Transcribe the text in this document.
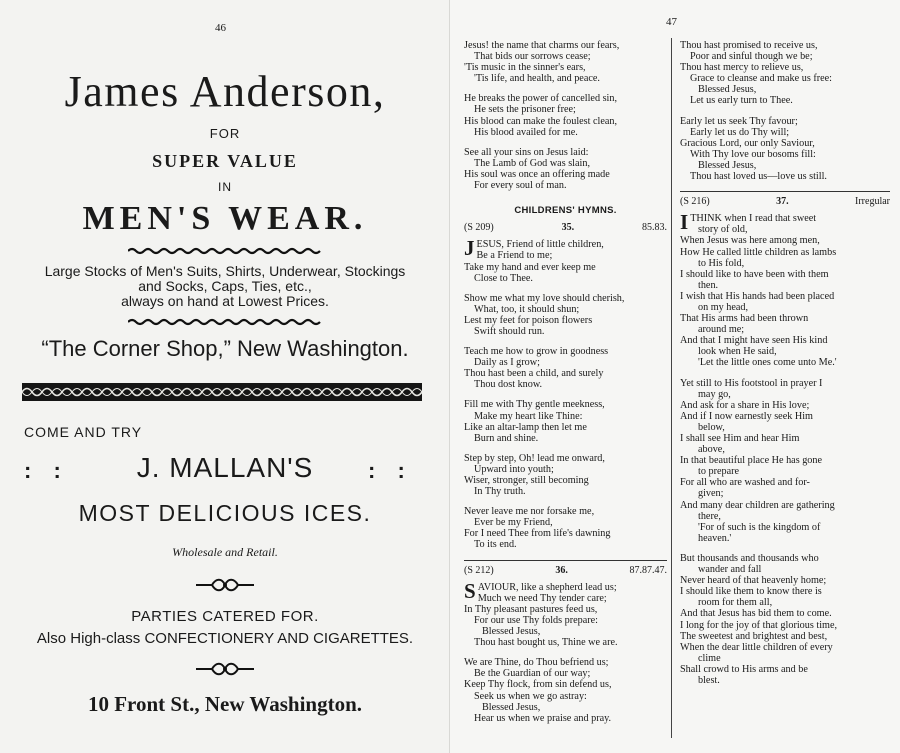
46
James Anderson,
FOR
SUPER VALUE
IN
MEN'S WEAR.
Large Stocks of Men's Suits, Shirts, Underwear, Stockings
and Socks, Caps, Ties, etc.,
always on hand at Lowest Prices.
“The Corner Shop,” New Washington.
COME AND TRY
: :	J. MALLAN'S	: :
MOST DELICIOUS ICES.
Wholesale and Retail.
PARTIES CATERED FOR.
Also High-class CONFECTIONERY AND CIGARETTES.
10 Front St., New Washington.
47
Jesus! the name that charms our fears,
That bids our sorrows cease;
'Tis music in the sinner's ears,
'Tis life, and health, and peace.
He breaks the power of cancelled sin,
He sets the prisoner free;
His blood can make the foulest clean,
His blood availed for me.
See all your sins on Jesus laid:
The Lamb of God was slain,
His soul was once an offering made
For every soul of man.
CHILDRENS' HYMNS.
(S 209)	35.	85.83.
JESUS, Friend of little children,
Be a Friend to me;
Take my hand and ever keep me
Close to Thee.
Show me what my love should cherish,
What, too, it should shun;
Lest my feet for poison flowers
Swift should run.
Teach me how to grow in goodness
Daily as I grow;
Thou hast been a child, and surely
Thou dost know.
Fill me with Thy gentle meekness,
Make my heart like Thine:
Like an altar-lamp then let me
Burn and shine.
Step by step, Oh! lead me onward,
Upward into youth;
Wiser, stronger, still becoming
In Thy truth.
Never leave me nor forsake me,
Ever be my Friend,
For I need Thee from life's dawning
To its end.
(S 212)	36.	87.87.47.
SAVIOUR, like a shepherd lead us;
Much we need Thy tender care;
In Thy pleasant pastures feed us,
For our use Thy folds prepare:
Blessed Jesus,
Thou hast bought us, Thine we are.
We are Thine, do Thou befriend us;
Be the Guardian of our way;
Keep Thy flock, from sin defend us,
Seek us when we go astray:
Blessed Jesus,
Hear us when we praise and pray.
Thou hast promised to receive us,
Poor and sinful though we be;
Thou hast mercy to relieve us,
Grace to cleanse and make us free:
Blessed Jesus,
Let us early turn to Thee.
Early let us seek Thy favour;
Early let us do Thy will;
Gracious Lord, our only Saviour,
With Thy love our bosoms fill:
Blessed Jesus,
Thou hast loved us—love us still.
(S 216)	37.	Irregular
ITHINK when I read that sweet
story of old,
When Jesus was here among men,
How He called little children as lambs
to His fold,
I should like to have been with them
then.
I wish that His hands had been placed
on my head,
That His arms had been thrown
around me;
And that I might have seen His kind
look when He said,
'Let the little ones come unto Me.'
Yet still to His footstool in prayer I
may go,
And ask for a share in His love;
And if I now earnestly seek Him
below,
I shall see Him and hear Him
above,
In that beautiful place He has gone
to prepare
For all who are washed and for-
given;
And many dear children are gathering
there,
'For of such is the kingdom of
heaven.'
But thousands and thousands who
wander and fall
Never heard of that heavenly home;
I should like them to know there is
room for them all,
And that Jesus has bid them to come.
I long for the joy of that glorious time,
The sweetest and brightest and best,
When the dear little children of every
clime
Shall crowd to His arms and be
blest.
